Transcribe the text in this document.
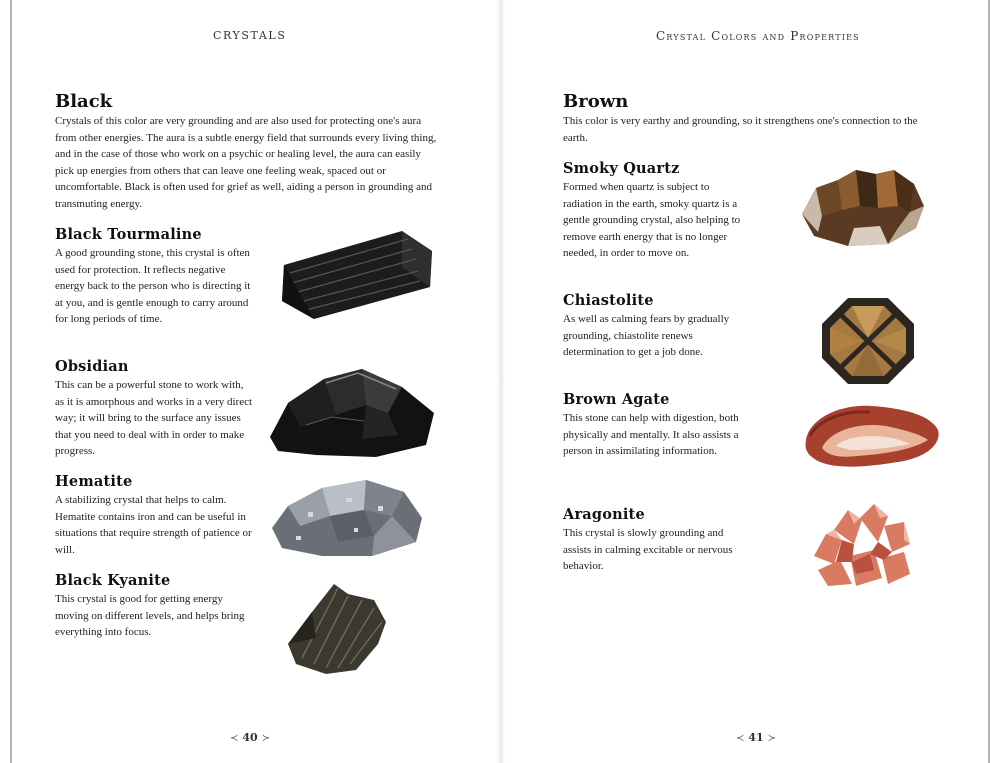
CRYSTALS
Black

Crystals of this color are very grounding and are also used for protecting one's aura from other energies. The aura is a subtle energy field that surrounds every living thing, and in the case of those who work on a psychic or healing level, the aura can easily pick up energies from others that can leave one feeling weak, spaced out or uncomfortable. Black is often used for grief as well, aiding a person in grounding and transmuting energy.

Black Tourmaline

A good grounding stone, this crystal is often used for protection. It reflects negative energy back to the person who is directing it at you, and is gentle enough to carry around for long periods of time.

Obsidian

This can be a powerful stone to work with, as it is amorphous and works in a very direct way; it will bring to the surface any issues that you need to deal with in order to make progress.

Hematite

A stabilizing crystal that helps to calm. Hematite contains iron and can be useful in situations that require strength of patience or will.

Black Kyanite

This crystal is good for getting energy moving on different levels, and helps bring everything into focus.

≺ 40 ≻
Crystal Colors and Properties
Brown

This color is very earthy and grounding, so it strengthens one's connection to the earth.

Smoky Quartz

Formed when quartz is subject to radiation in the earth, smoky quartz is a gentle grounding crystal, also helping to remove earth energy that is no longer needed, in order to move on.

Chiastolite

As well as calming fears by gradually grounding, chiastolite renews determination to get a job done.

Brown Agate

This stone can help with digestion, both physically and mentally. It also assists a person in assimilating information.

Aragonite

This crystal is slowly grounding and assists in calming excitable or nervous behavior.

≺ 41 ≻
